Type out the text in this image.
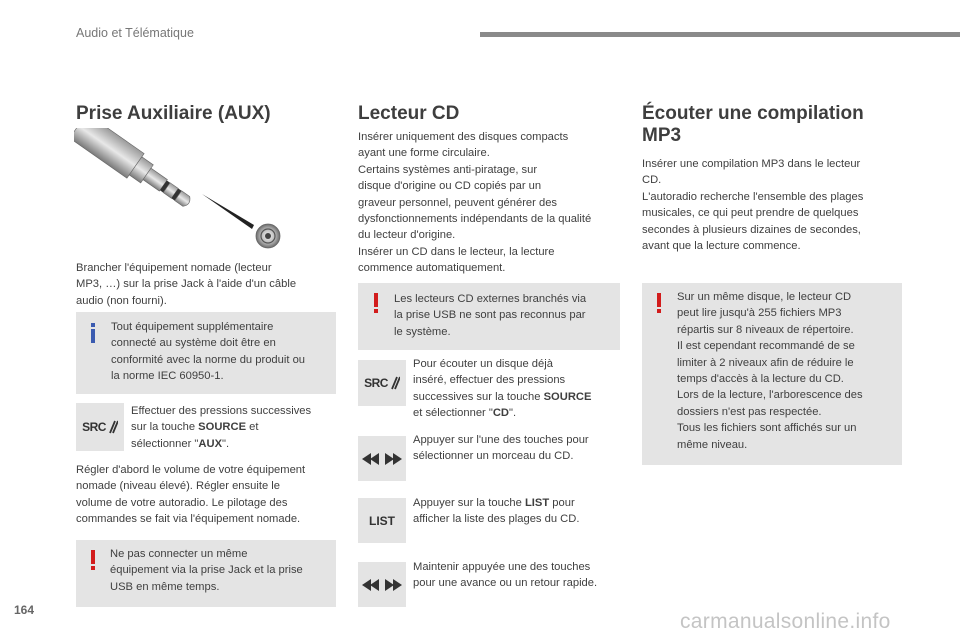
Audio et Télématique
Prise Auxiliaire (AUX)
Brancher l'équipement nomade (lecteur
MP3, …) sur la prise Jack à l'aide d'un câble
audio (non fourni).
Tout équipement supplémentaire
connecté au système doit être en
conformité avec la norme du produit ou
la norme IEC 60950-1.
SRC
Effectuer des pressions successives
sur la touche SOURCE et
sélectionner "AUX".
Régler d'abord le volume de votre équipement
nomade (niveau élevé). Régler ensuite le
volume de votre autoradio. Le pilotage des
commandes se fait via l'équipement nomade.
Ne pas connecter un même
équipement via la prise Jack et la prise
USB en même temps.
Lecteur CD
Insérer uniquement des disques compacts
ayant une forme circulaire.
Certains systèmes anti-piratage, sur
disque d'origine ou CD copiés par un
graveur personnel, peuvent générer des
dysfonctionnements indépendants de la qualité
du lecteur d'origine.
Insérer un CD dans le lecteur, la lecture
commence automatiquement.
Les lecteurs CD externes branchés via
la prise USB ne sont pas reconnus par
le système.
SRC
Pour écouter un disque déjà
inséré, effectuer des pressions
successives sur la touche SOURCE
et sélectionner "CD".
Appuyer sur l'une des touches pour
sélectionner un morceau du CD.
LIST
Appuyer sur la touche LIST pour
afficher la liste des plages du CD.
Maintenir appuyée une des touches
pour une avance ou un retour rapide.
Écouter une compilation
MP3
Insérer une compilation MP3 dans le lecteur
CD.
L'autoradio recherche l'ensemble des plages
musicales, ce qui peut prendre de quelques
secondes à plusieurs dizaines de secondes,
avant que la lecture commence.
Sur un même disque, le lecteur CD
peut lire jusqu'à 255 fichiers MP3
répartis sur 8 niveaux de répertoire.
Il est cependant recommandé de se
limiter à 2 niveaux afin de réduire le
temps d'accès à la lecture du CD.
Lors de la lecture, l'arborescence des
dossiers n'est pas respectée.
Tous les fichiers sont affichés sur un
même niveau.
164	carmanualsonline.info
